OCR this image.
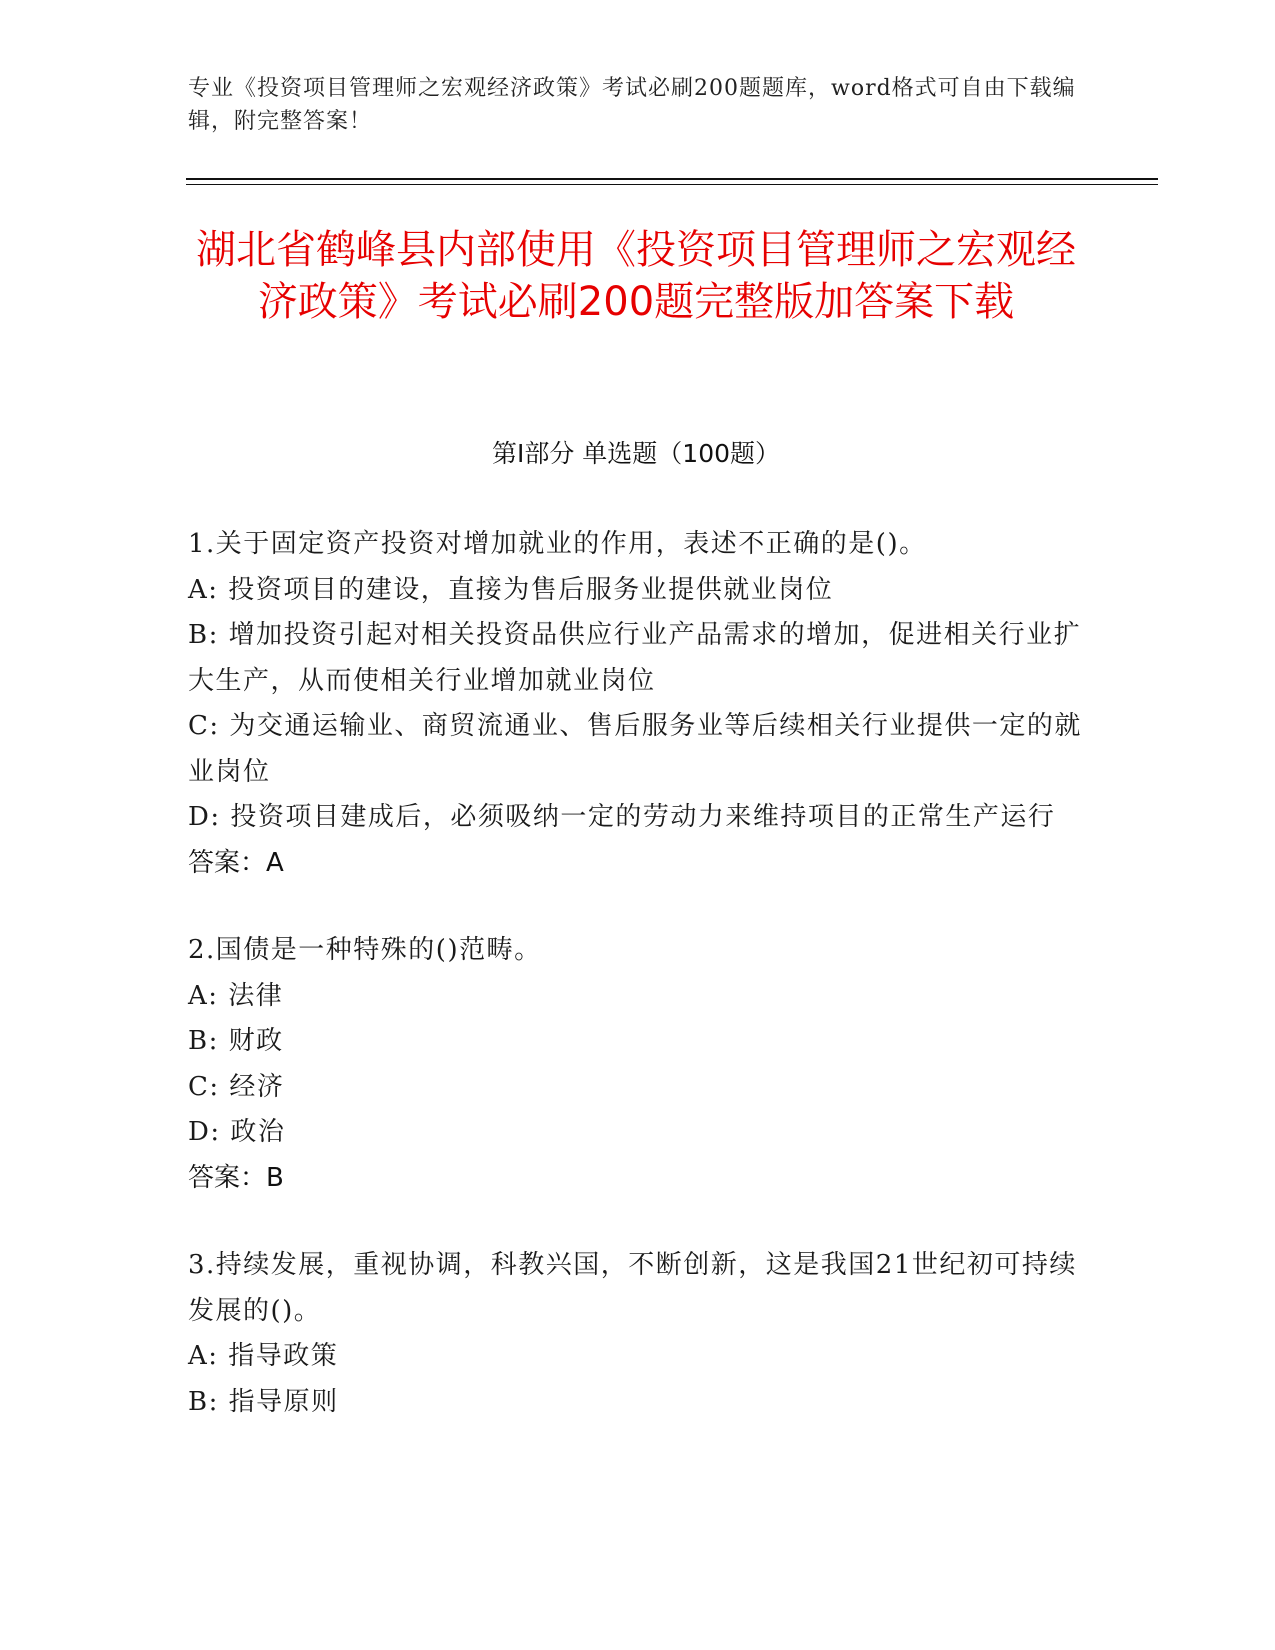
专业《投资项目管理师之宏观经济政策》考试必刷200题题库，word格式可自由下载编辑，附完整答案！
湖北省鹤峰县内部使用《投资项目管理师之宏观经济政策》考试必刷200题完整版加答案下载
第I部分 单选题（100题）

1.关于固定资产投资对增加就业的作用，表述不正确的是()。

A: 投资项目的建设，直接为售后服务业提供就业岗位

B: 增加投资引起对相关投资品供应行业产品需求的增加，促进相关行业扩大生产，从而使相关行业增加就业岗位

C: 为交通运输业、商贸流通业、售后服务业等后续相关行业提供一定的就业岗位

D: 投资项目建成后，必须吸纳一定的劳动力来维持项目的正常生产运行

答案：A

2.国债是一种特殊的()范畴。

A: 法律

B: 财政

C: 经济

D: 政治

答案：B

3.持续发展，重视协调，科教兴国，不断创新，这是我国21世纪初可持续发展的()。

A: 指导政策

B: 指导原则
